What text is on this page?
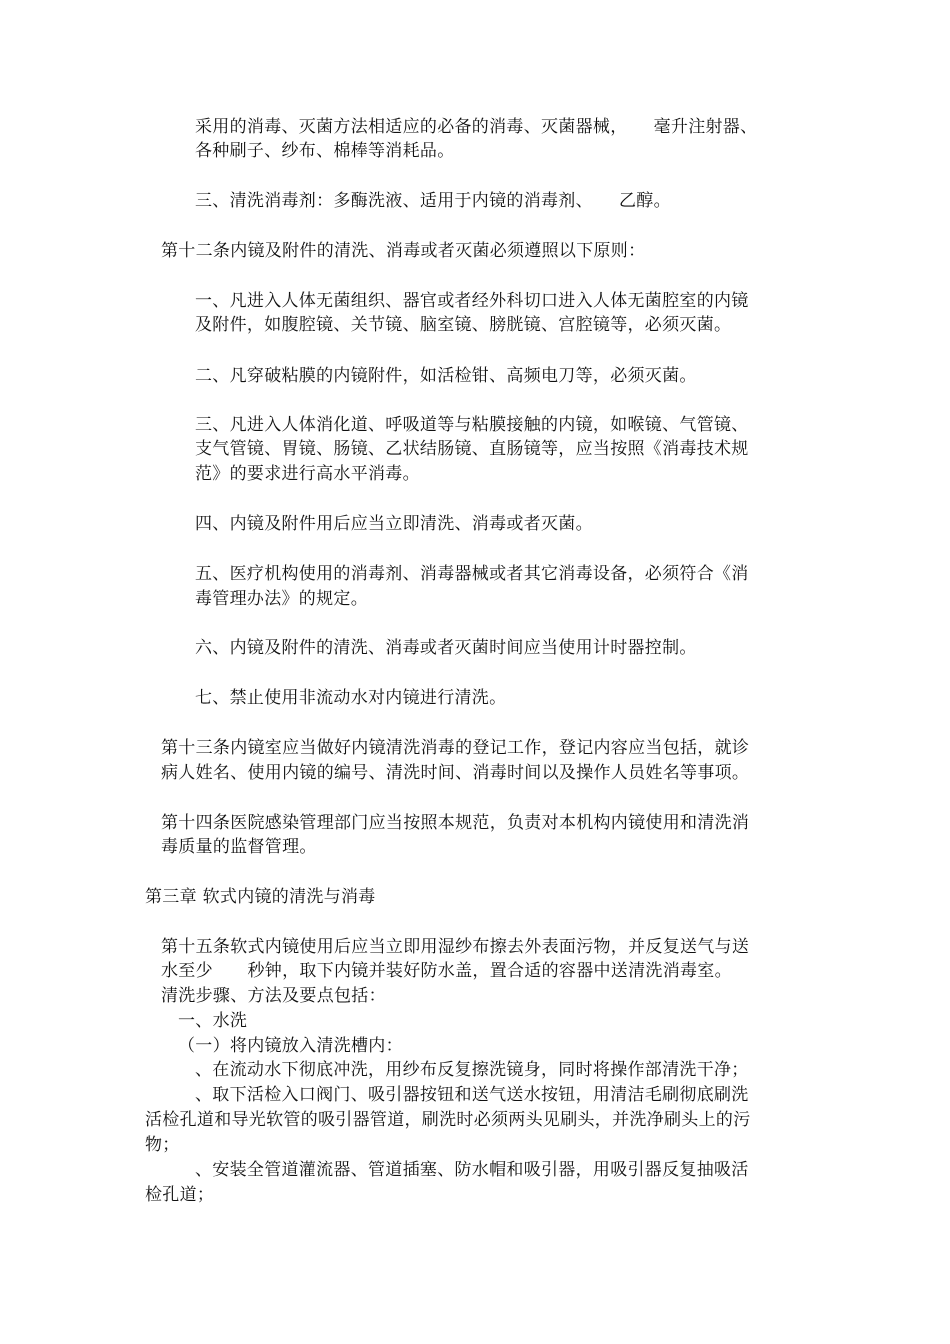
采用的消毒、灭菌方法相适应的必备的消毒、灭菌器械，　　毫升注射器、
各种刷子、纱布、棉棒等消耗品。
三、清洗消毒剂：多酶洗液、适用于内镜的消毒剂、　　乙醇。
第十二条内镜及附件的清洗、消毒或者灭菌必须遵照以下原则：
一、凡进入人体无菌组织、器官或者经外科切口进入人体无菌腔室的内镜
及附件，如腹腔镜、关节镜、脑室镜、膀胱镜、宫腔镜等，必须灭菌。
二、凡穿破粘膜的内镜附件，如活检钳、高频电刀等，必须灭菌。
三、凡进入人体消化道、呼吸道等与粘膜接触的内镜，如喉镜、气管镜、
支气管镜、胃镜、肠镜、乙状结肠镜、直肠镜等，应当按照《消毒技术规
范》的要求进行高水平消毒。
四、内镜及附件用后应当立即清洗、消毒或者灭菌。
五、医疗机构使用的消毒剂、消毒器械或者其它消毒设备，必须符合《消
毒管理办法》的规定。
六、内镜及附件的清洗、消毒或者灭菌时间应当使用计时器控制。
七、禁止使用非流动水对内镜进行清洗。
第十三条内镜室应当做好内镜清洗消毒的登记工作，登记内容应当包括，就诊
病人姓名、使用内镜的编号、清洗时间、消毒时间以及操作人员姓名等事项。
第十四条医院感染管理部门应当按照本规范，负责对本机构内镜使用和清洗消
毒质量的监督管理。
第三章 软式内镜的清洗与消毒
第十五条软式内镜使用后应当立即用湿纱布擦去外表面污物，并反复送气与送
水至少　　秒钟，取下内镜并装好防水盖，置合适的容器中送清洗消毒室。
清洗步骤、方法及要点包括：
一、水洗
（一）将内镜放入清洗槽内：
、在流动水下彻底冲洗，用纱布反复擦洗镜身，同时将操作部清洗干净；
、取下活检入口阀门、吸引器按钮和送气送水按钮，用清洁毛刷彻底刷洗
活检孔道和导光软管的吸引器管道，刷洗时必须两头见刷头，并洗净刷头上的污
物；
、安装全管道灌流器、管道插塞、防水帽和吸引器，用吸引器反复抽吸活
检孔道；
